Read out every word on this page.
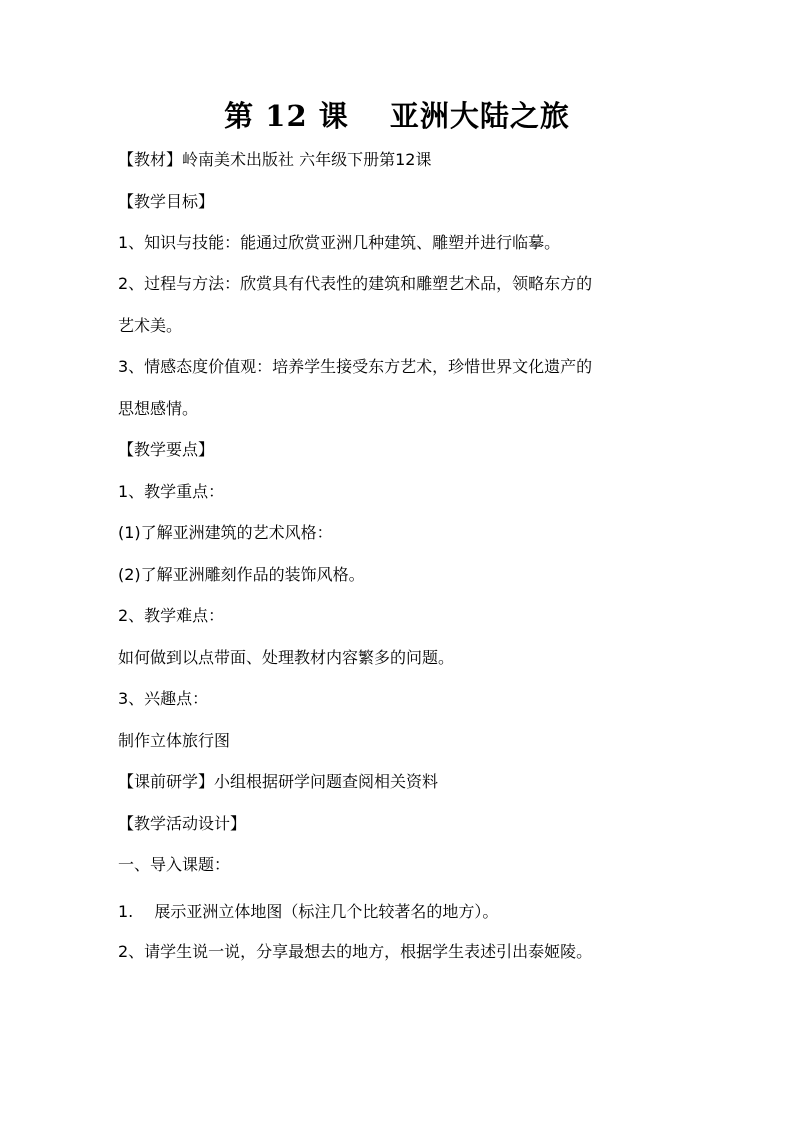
第 12 课　 亚洲大陆之旅
【教材】岭南美术出版社 六年级下册第12课
【教学目标】
1、知识与技能：能通过欣赏亚洲几种建筑、雕塑并进行临摹。
2、过程与方法：欣赏具有代表性的建筑和雕塑艺术品，领略东方的
艺术美。
3、情感态度价值观：培养学生接受东方艺术，珍惜世界文化遗产的
思想感情。
【教学要点】
1、教学重点：
(1)了解亚洲建筑的艺术风格：
(2)了解亚洲雕刻作品的装饰风格。
2、教学难点：
如何做到以点带面、处理教材内容繁多的问题。
3、兴趣点：
制作立体旅行图
【课前研学】小组根据研学问题查阅相关资料
【教学活动设计】
一、导入课题：
1.　 展示亚洲立体地图（标注几个比较著名的地方）。
2、请学生说一说，分享最想去的地方，根据学生表述引出泰姬陵。
